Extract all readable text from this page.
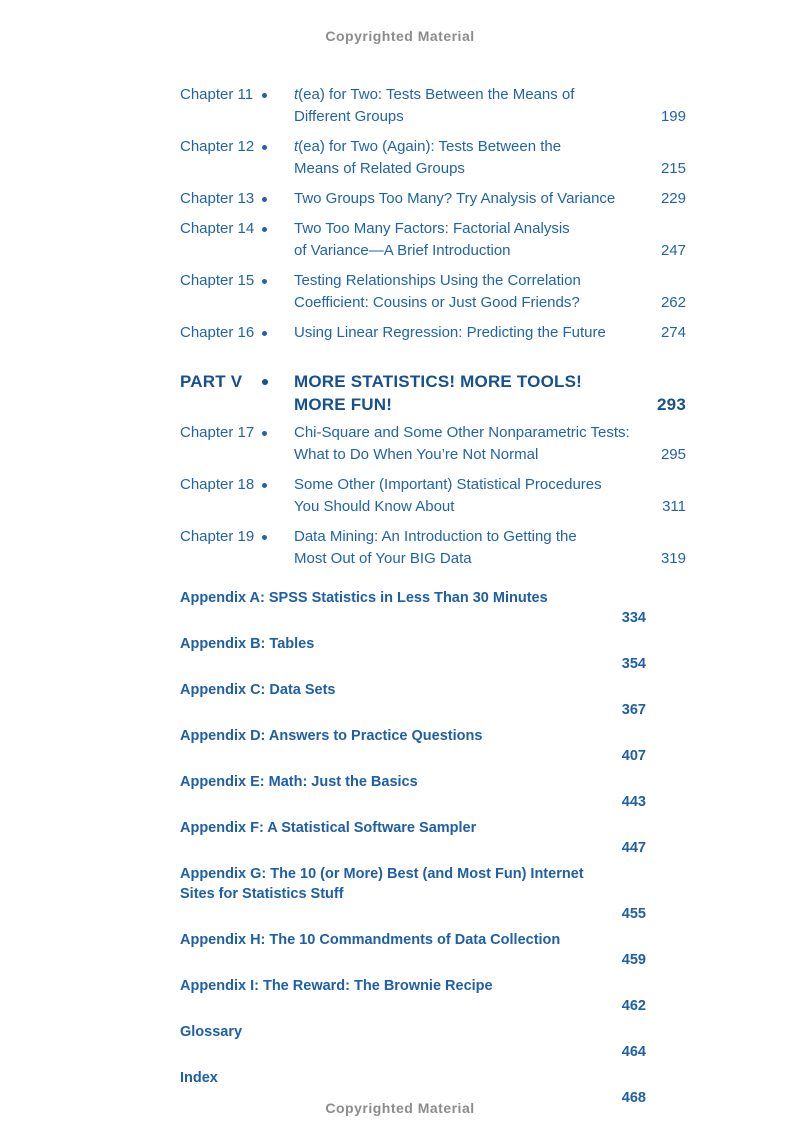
Copyrighted Material
Chapter 11	t(ea) for Two: Tests Between the Means of
Different Groups	199
Chapter 12	t(ea) for Two (Again): Tests Between the
Means of Related Groups	215
Chapter 13	Two Groups Too Many? Try Analysis of Variance	229
Chapter 14	Two Too Many Factors: Factorial Analysis
of Variance—A Brief Introduction	247
Chapter 15	Testing Relationships Using the Correlation
Coefficient: Cousins or Just Good Friends?	262
Chapter 16	Using Linear Regression: Predicting the Future	274
PART V	MORE STATISTICS! MORE TOOLS!
MORE FUN!	293
Chapter 17	Chi-Square and Some Other Nonparametric Tests:
What to Do When You’re Not Normal	295
Chapter 18	Some Other (Important) Statistical Procedures
You Should Know About	311
Chapter 19	Data Mining: An Introduction to Getting the
Most Out of Your BIG Data	319
Appendix A: SPSS Statistics in Less Than 30 Minutes
334
Appendix B: Tables
354
Appendix C: Data Sets
367
Appendix D: Answers to Practice Questions
407
Appendix E: Math: Just the Basics
443
Appendix F: A Statistical Software Sampler
447
Appendix G: The 10 (or More) Best (and Most Fun) Internet
Sites for Statistics Stuff
455
Appendix H: The 10 Commandments of Data Collection
459
Appendix I: The Reward: The Brownie Recipe
462
Glossary
464
Index
468
Copyrighted Material
